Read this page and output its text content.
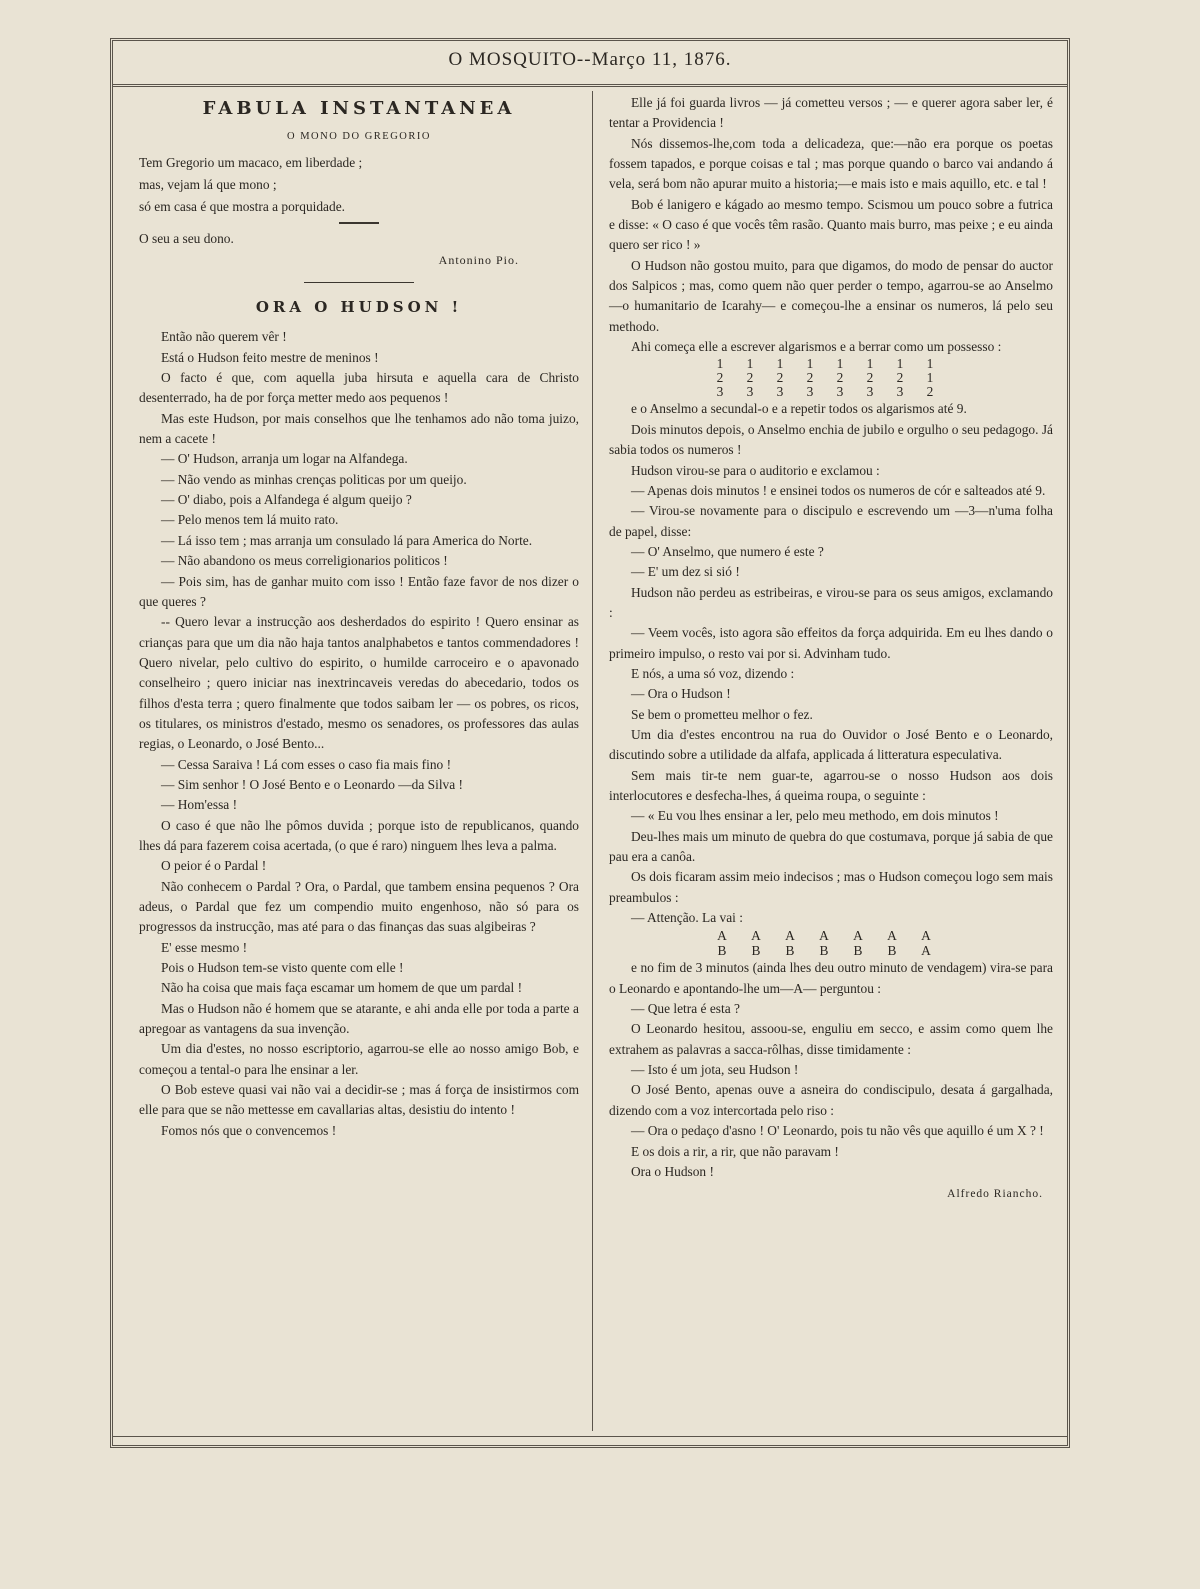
O MOSQUITO--Março 11, 1876.
FABULA INSTANTANEA
O MONO DO GREGORIO

Tem Gregorio um macaco, em liberdade ;

mas, vejam lá que mono ;

só em casa é que mostra a porquidade.

O seu a seu dono.

Antonino Pio.
ORA O HUDSON !

Então não querem vêr !

Está o Hudson feito mestre de meninos !

O facto é que, com aquella juba hirsuta e aquella cara de Christo desenterrado, ha de por força metter medo aos pequenos !

Mas este Hudson, por mais conselhos que lhe tenhamos ado não toma juizo, nem a cacete !

— O' Hudson, arranja um logar na Alfandega.

— Não vendo as minhas crenças politicas por um queijo.

— O' diabo, pois a Alfandega é algum queijo ?

— Pelo menos tem lá muito rato.

— Lá isso tem ; mas arranja um consulado lá para America do Norte.

— Não abandono os meus correligionarios politicos !

— Pois sim, has de ganhar muito com isso ! Então faze favor de nos dizer o que queres ?

-- Quero levar a instrucção aos desherdados do espirito ! Quero ensinar as crianças para que um dia não haja tantos analphabetos e tantos commendadores ! Quero nivelar, pelo cultivo do espirito, o humilde carroceiro e o apavonado conselheiro ; quero iniciar nas inextrincaveis veredas do abecedario, todos os filhos d'esta terra ; quero finalmente que todos saibam ler — os pobres, os ricos, os titulares, os ministros d'estado, mesmo os senadores, os professores das aulas regias, o Leonardo, o José Bento...

— Cessa Saraiva ! Lá com esses o caso fia mais fino !

— Sim senhor ! O José Bento e o Leonardo —da Silva !

— Hom'essa !

O caso é que não lhe pômos duvida ; porque isto de republicanos, quando lhes dá para fazerem coisa acertada, (o que é raro) ninguem lhes leva a palma.

O peior é o Pardal !

Não conhecem o Pardal ? Ora, o Pardal, que tambem ensina pequenos ? Ora adeus, o Pardal que fez um compendio muito engenhoso, não só para os progressos da instrucção, mas até para o das finanças das suas algibeiras ?

E' esse mesmo !

Pois o Hudson tem-se visto quente com elle !

Não ha coisa que mais faça escamar um homem de que um pardal !

Mas o Hudson não é homem que se atarante, e ahi anda elle por toda a parte a apregoar as vantagens da sua invenção.

Um dia d'estes, no nosso escriptorio, agarrou-se elle ao nosso amigo Bob, e começou a tental-o para lhe ensinar a ler.

O Bob esteve quasi vai não vai a decidir-se ; mas á força de insistirmos com elle para que se não mettesse em cavallarias altas, desistiu do intento !

Fomos nós que o convencemos !

Elle já foi guarda livros — já cometteu versos ; — e querer agora saber ler, é tentar a Providencia !

Nós dissemos-lhe,com toda a delicadeza, que:—não era porque os poetas fossem tapados, e porque coisas e tal ; mas porque quando o barco vai andando á vela, será bom não apurar muito a historia;—e mais isto e mais aquillo, etc. e tal !

Bob é lanigero e kágado ao mesmo tempo. Scismou um pouco sobre a futrica e disse: « O caso é que vocês têm rasão. Quanto mais burro, mas peixe ; e eu ainda quero ser rico ! »

O Hudson não gostou muito, para que digamos, do modo de pensar do auctor dos Salpicos ; mas, como quem não quer perder o tempo, agarrou-se ao Anselmo—o humanitario de Icarahy— e começou-lhe a ensinar os numeros, lá pelo seu methodo.

Ahi começa elle a escrever algarismos e a berrar como um possesso :

1	1	1	1	1	1	1	1
2	2	2	2	2	2	2	1
3	3	3	3	3	3	3	2

e o Anselmo a secundal-o e a repetir todos os algarismos até 9.

Dois minutos depois, o Anselmo enchia de jubilo e orgulho o seu pedagogo. Já sabia todos os numeros !

Hudson virou-se para o auditorio e exclamou :

— Apenas dois minutos ! e ensinei todos os numeros de cór e salteados até 9.

— Virou-se novamente para o discipulo e escrevendo um —3—n'uma folha de papel, disse:

— O' Anselmo, que numero é este ?

— E' um dez si sió !

Hudson não perdeu as estribeiras, e virou-se para os seus amigos, exclamando :

— Veem vocês, isto agora são effeitos da força adquirida. Em eu lhes dando o primeiro impulso, o resto vai por si. Advinham tudo.

E nós, a uma só voz, dizendo :

— Ora o Hudson !

Se bem o prometteu melhor o fez.

Um dia d'estes encontrou na rua do Ouvidor o José Bento e o Leonardo, discutindo sobre a utilidade da alfafa, applicada á litteratura especulativa.

Sem mais tir-te nem guar-te, agarrou-se o nosso Hudson aos dois interlocutores e desfecha-lhes, á queima roupa, o seguinte :

— « Eu vou lhes ensinar a ler, pelo meu methodo, em dois minutos !

Deu-lhes mais um minuto de quebra do que costumava, porque já sabia de que pau era a canôa.

Os dois ficaram assim meio indecisos ; mas o Hudson começou logo sem mais preambulos :

— Attenção. La vai :

A	A	A	A	A	A	A
B	B	B	B	B	B	A

e no fim de 3 minutos (ainda lhes deu outro minuto de vendagem) vira-se para o Leonardo e apontando-lhe um—A— perguntou :

— Que letra é esta ?

O Leonardo hesitou, assoou-se, enguliu em secco, e assim como quem lhe extrahem as palavras a sacca-rôlhas, disse timidamente :

— Isto é um jota, seu Hudson !

O José Bento, apenas ouve a asneira do condiscipulo, desata á gargalhada, dizendo com a voz intercortada pelo riso :

— Ora o pedaço d'asno ! O' Leonardo, pois tu não vês que aquillo é um X ? !

E os dois a rir, a rir, que não paravam !

Ora o Hudson !

Alfredo Riancho.
